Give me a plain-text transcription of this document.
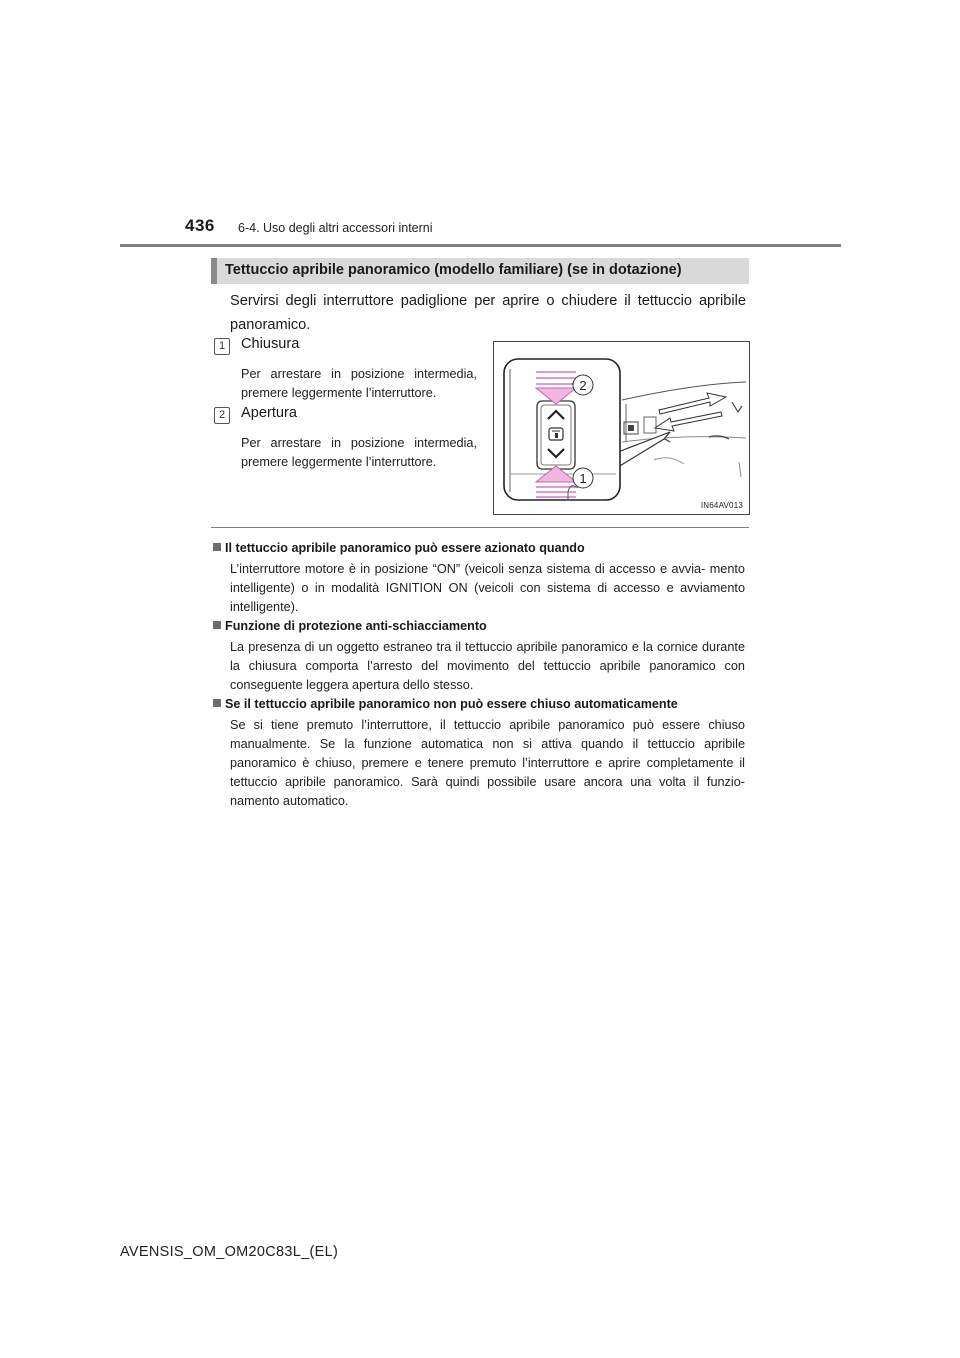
436 6-4. Uso degli altri accessori interni
Tettuccio apribile panoramico (modello familiare) (se in dotazione)
Servirsi degli interruttore padiglione per aprire o chiudere il tettuccio apribile panoramico.
1	Chiusura
Per arrestare in posizione intermedia, premere leggermente l’interruttore.
2	Apertura
Per arrestare in posizione intermedia, premere leggermente l’interruttore.
2
1
IN64AV013
Il tettuccio apribile panoramico può essere azionato quando
L’interruttore motore è in posizione “ON” (veicoli senza sistema di accesso e avvia- mento intelligente) o in modalità IGNITION ON (veicoli con sistema di accesso e avviamento intelligente).
Funzione di protezione anti-schiacciamento
La presenza di un oggetto estraneo tra il tettuccio apribile panoramico e la cornice durante la chiusura comporta l’arresto del movimento del tettuccio apribile panoramico con conseguente leggera apertura dello stesso.
Se il tettuccio apribile panoramico non può essere chiuso automaticamente
Se si tiene premuto l’interruttore, il tettuccio apribile panoramico può essere chiuso manualmente. Se la funzione automatica non si attiva quando il tettuccio apribile panoramico è chiuso, premere e tenere premuto l’interruttore e aprire completamente il tettuccio apribile panoramico. Sarà quindi possibile usare ancora una volta il funzio- namento automatico.
AVENSIS_OM_OM20C83L_(EL)
